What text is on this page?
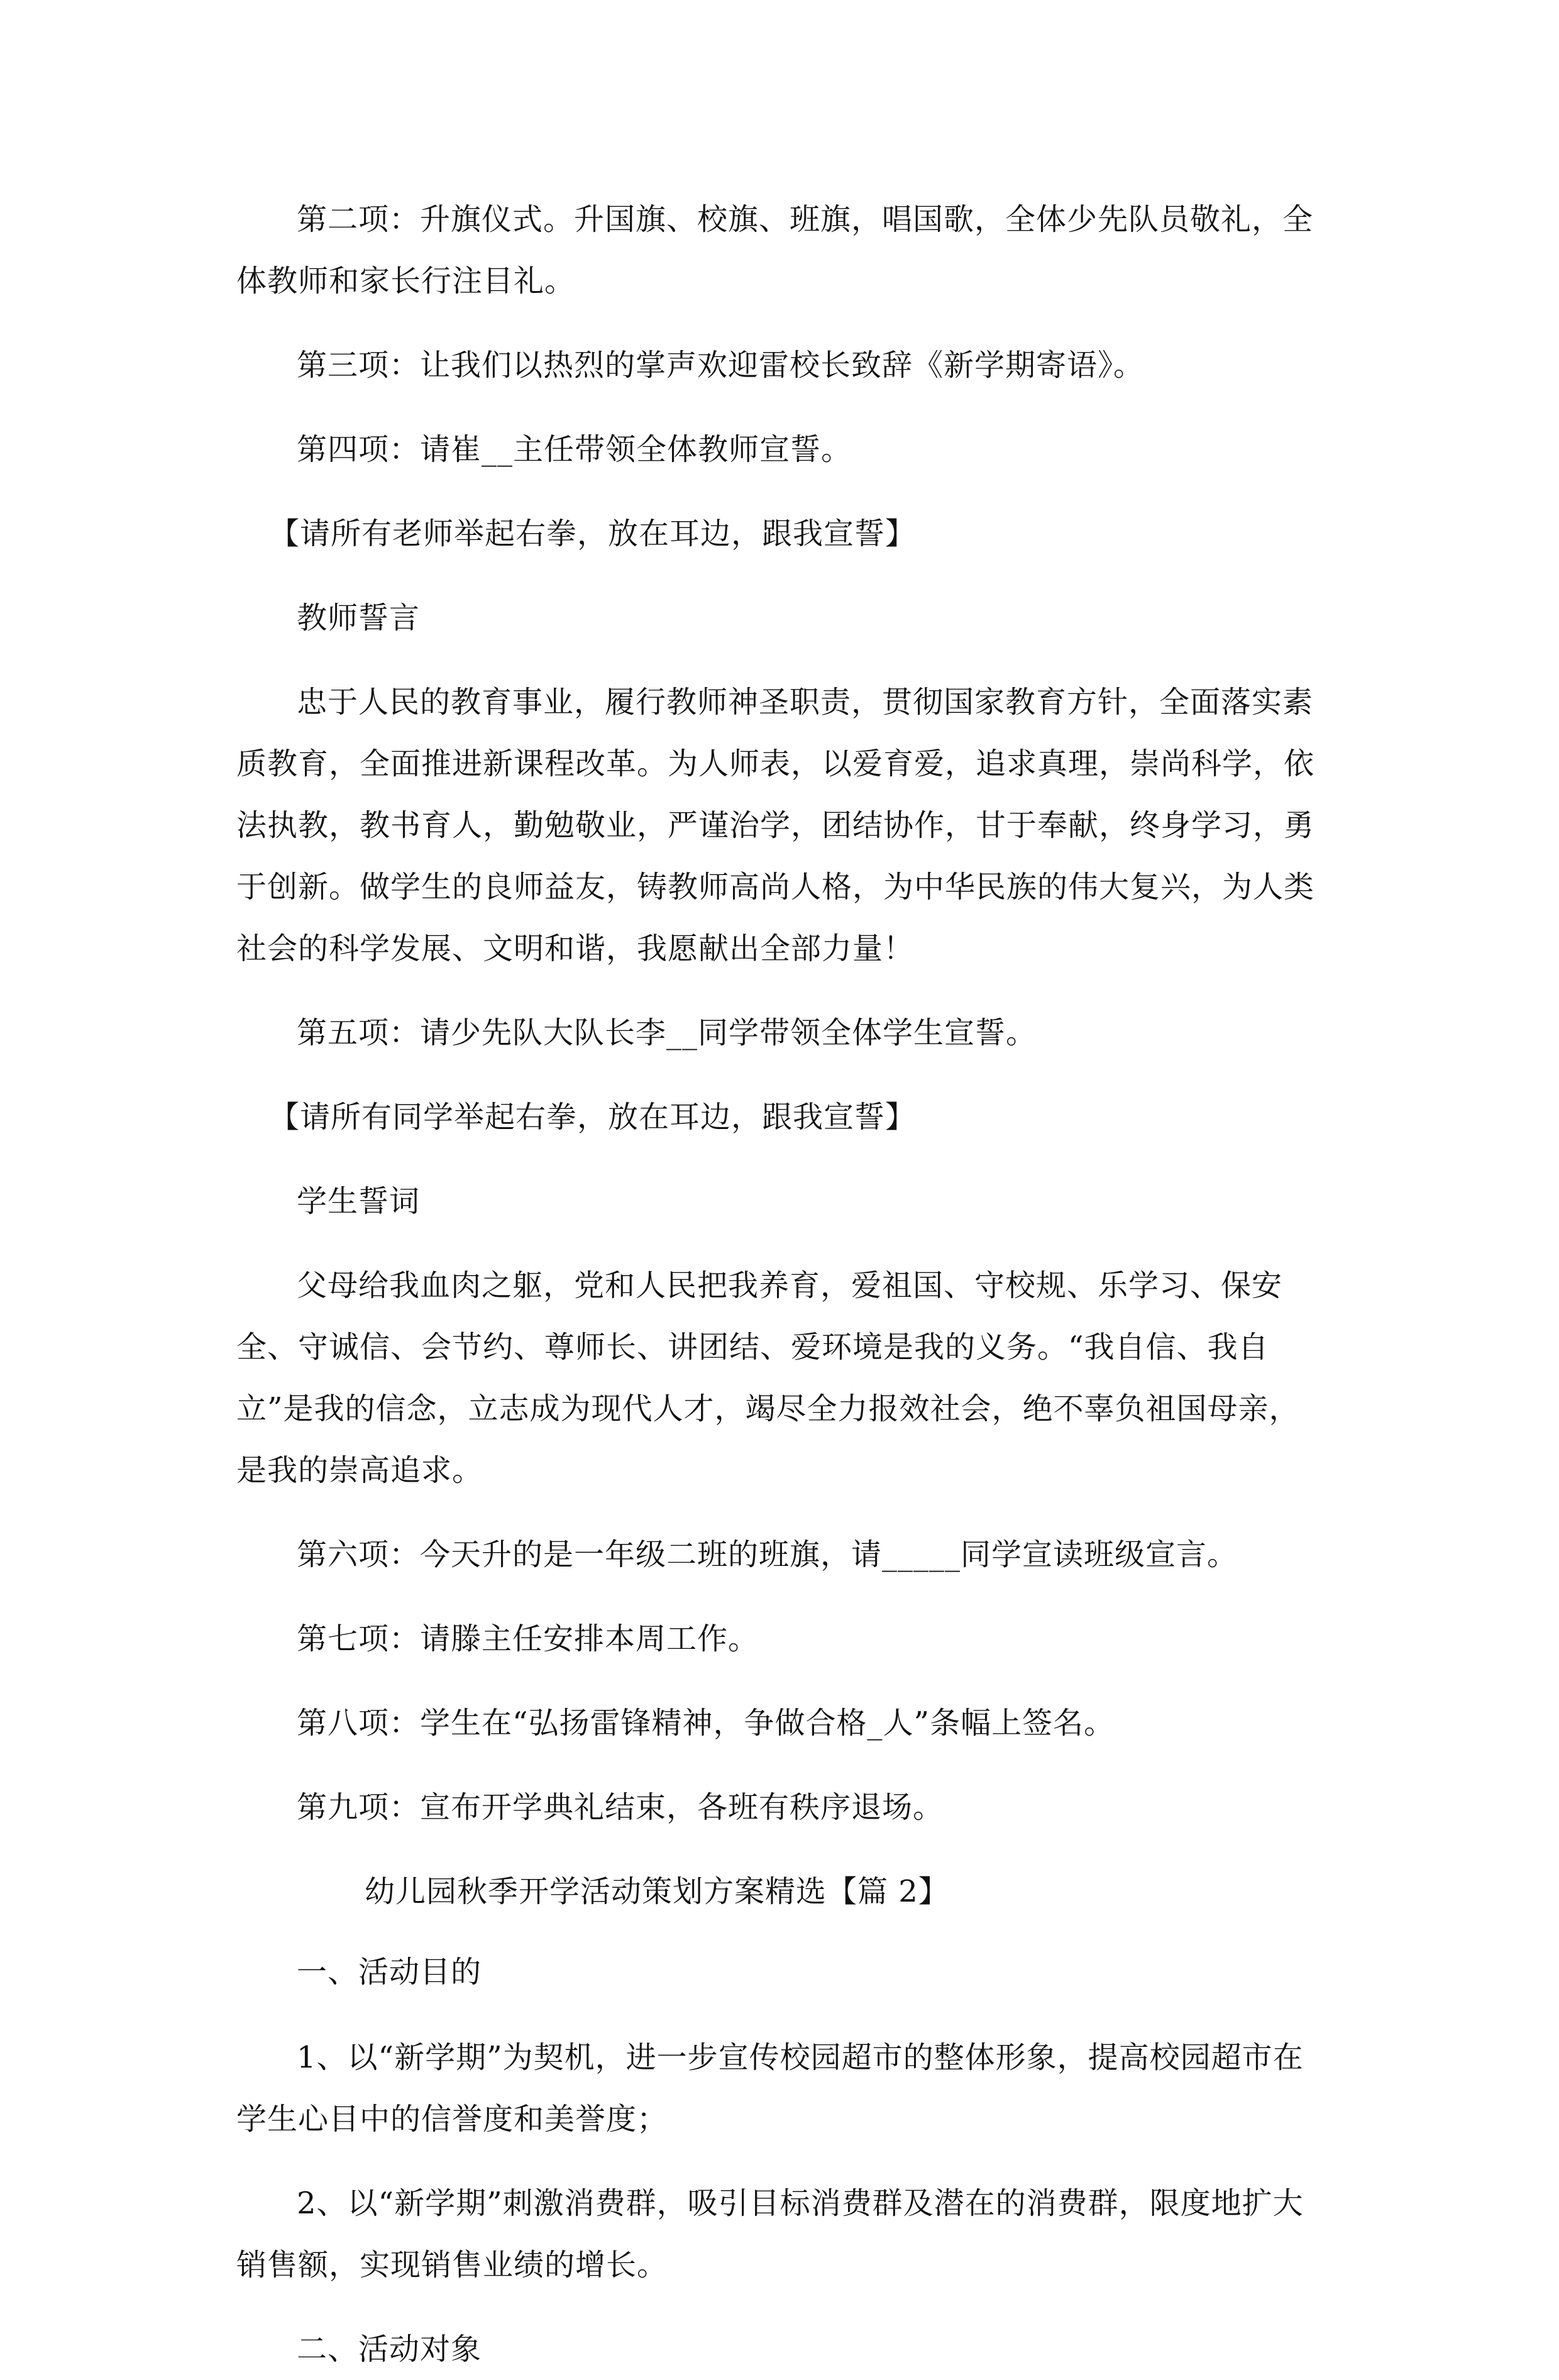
第二项：升旗仪式。升国旗、校旗、班旗，唱国歌，全体少先队员敬礼，全体教师和家长行注目礼。

第三项：让我们以热烈的掌声欢迎雷校长致辞《新学期寄语》。

第四项：请崔__主任带领全体教师宣誓。

【请所有老师举起右拳，放在耳边，跟我宣誓】

教师誓言

忠于人民的教育事业，履行教师神圣职责，贯彻国家教育方针，全面落实素质教育，全面推进新课程改革。为人师表，以爱育爱，追求真理，崇尚科学，依法执教，教书育人，勤勉敬业，严谨治学，团结协作，甘于奉献，终身学习，勇于创新。做学生的良师益友，铸教师高尚人格，为中华民族的伟大复兴，为人类社会的科学发展、文明和谐，我愿献出全部力量！

第五项：请少先队大队长李__同学带领全体学生宣誓。

【请所有同学举起右拳，放在耳边，跟我宣誓】

学生誓词

父母给我血肉之躯，党和人民把我养育，爱祖国、守校规、乐学习、保安全、守诚信、会节约、尊师长、讲团结、爱环境是我的义务。“我自信、我自立”是我的信念，立志成为现代人才，竭尽全力报效社会，绝不辜负祖国母亲，是我的崇高追求。

第六项：今天升的是一年级二班的班旗，请_____同学宣读班级宣言。

第七项：请滕主任安排本周工作。

第八项：学生在“弘扬雷锋精神，争做合格_人”条幅上签名。

第九项：宣布开学典礼结束，各班有秩序退场。

幼儿园秋季开学活动策划方案精选【篇 2】

一、活动目的

1、以“新学期”为契机，进一步宣传校园超市的整体形象，提高校园超市在学生心目中的信誉度和美誉度；

2、以“新学期”刺激消费群，吸引目标消费群及潜在的消费群，限度地扩大销售额，实现销售业绩的增长。

二、活动对象
